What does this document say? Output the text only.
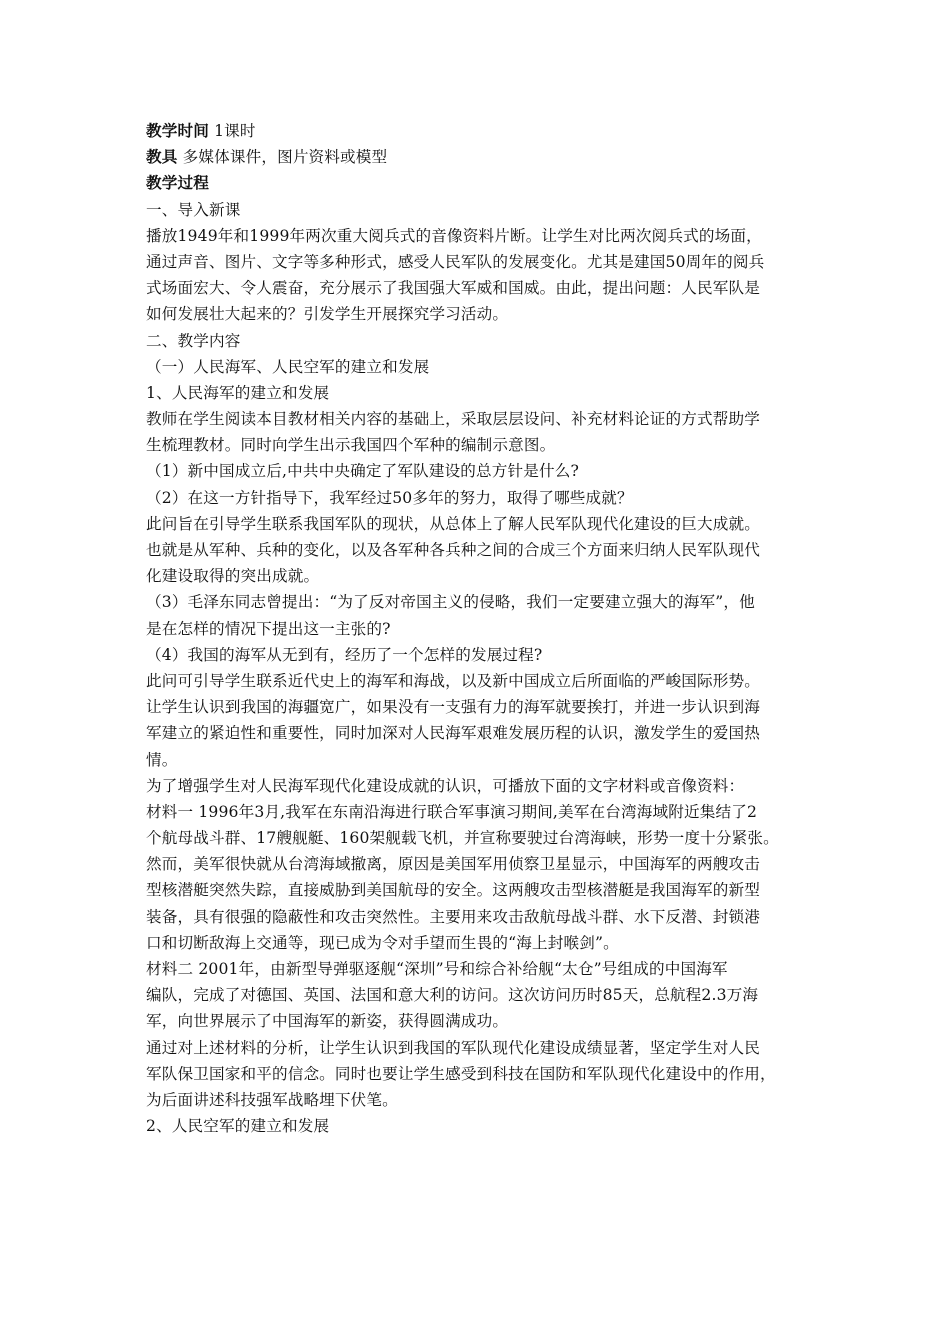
教学时间 1课时
教具 多媒体课件，图片资料或模型
教学过程
一、导入新课
播放1949年和1999年两次重大阅兵式的音像资料片断。让学生对比两次阅兵式的场面，
通过声音、图片、文字等多种形式，感受人民军队的发展变化。尤其是建国50周年的阅兵
式场面宏大、令人震奋，充分展示了我国强大军威和国威。由此，提出问题：人民军队是
如何发展壮大起来的？引发学生开展探究学习活动。
二、教学内容
（一）人民海军、人民空军的建立和发展
1、人民海军的建立和发展
教师在学生阅读本目教材相关内容的基础上，采取层层设问、补充材料论证的方式帮助学
生梳理教材。同时向学生出示我国四个军种的编制示意图。
（1）新中国成立后,中共中央确定了军队建设的总方针是什么?
（2）在这一方针指导下，我军经过50多年的努力，取得了哪些成就？
此问旨在引导学生联系我国军队的现状，从总体上了解人民军队现代化建设的巨大成就。
也就是从军种、兵种的变化，以及各军种各兵种之间的合成三个方面来归纳人民军队现代
化建设取得的突出成就。
（3）毛泽东同志曾提出：“为了反对帝国主义的侵略，我们一定要建立强大的海军”，他
是在怎样的情况下提出这一主张的?
（4）我国的海军从无到有，经历了一个怎样的发展过程?
此问可引导学生联系近代史上的海军和海战，以及新中国成立后所面临的严峻国际形势。
让学生认识到我国的海疆宽广，如果没有一支强有力的海军就要挨打，并进一步认识到海
军建立的紧迫性和重要性，同时加深对人民海军艰难发展历程的认识，激发学生的爱国热
情。
为了增强学生对人民海军现代化建设成就的认识，可播放下面的文字材料或音像资料：
材料一 1996年3月,我军在东南沿海进行联合军事演习期间,美军在台湾海域附近集结了2
个航母战斗群、17艘舰艇、160架舰载飞机，并宣称要驶过台湾海峡，形势一度十分紧张。
然而，美军很快就从台湾海域撤离，原因是美国军用侦察卫星显示，中国海军的两艘攻击
型核潜艇突然失踪，直接威胁到美国航母的安全。这两艘攻击型核潜艇是我国海军的新型
装备，具有很强的隐蔽性和攻击突然性。主要用来攻击敌航母战斗群、水下反潜、封锁港
口和切断敌海上交通等，现已成为令对手望而生畏的“海上封喉剑”。
材料二 2001年，由新型导弹驱逐舰“深圳”号和综合补给舰“太仓”号组成的中国海军
编队，完成了对德国、英国、法国和意大利的访问。这次访问历时85天，总航程2.3万海
军，向世界展示了中国海军的新姿，获得圆满成功。
通过对上述材料的分析，让学生认识到我国的军队现代化建设成绩显著，坚定学生对人民
军队保卫国家和平的信念。同时也要让学生感受到科技在国防和军队现代化建设中的作用，
为后面讲述科技强军战略埋下伏笔。
2、人民空军的建立和发展
